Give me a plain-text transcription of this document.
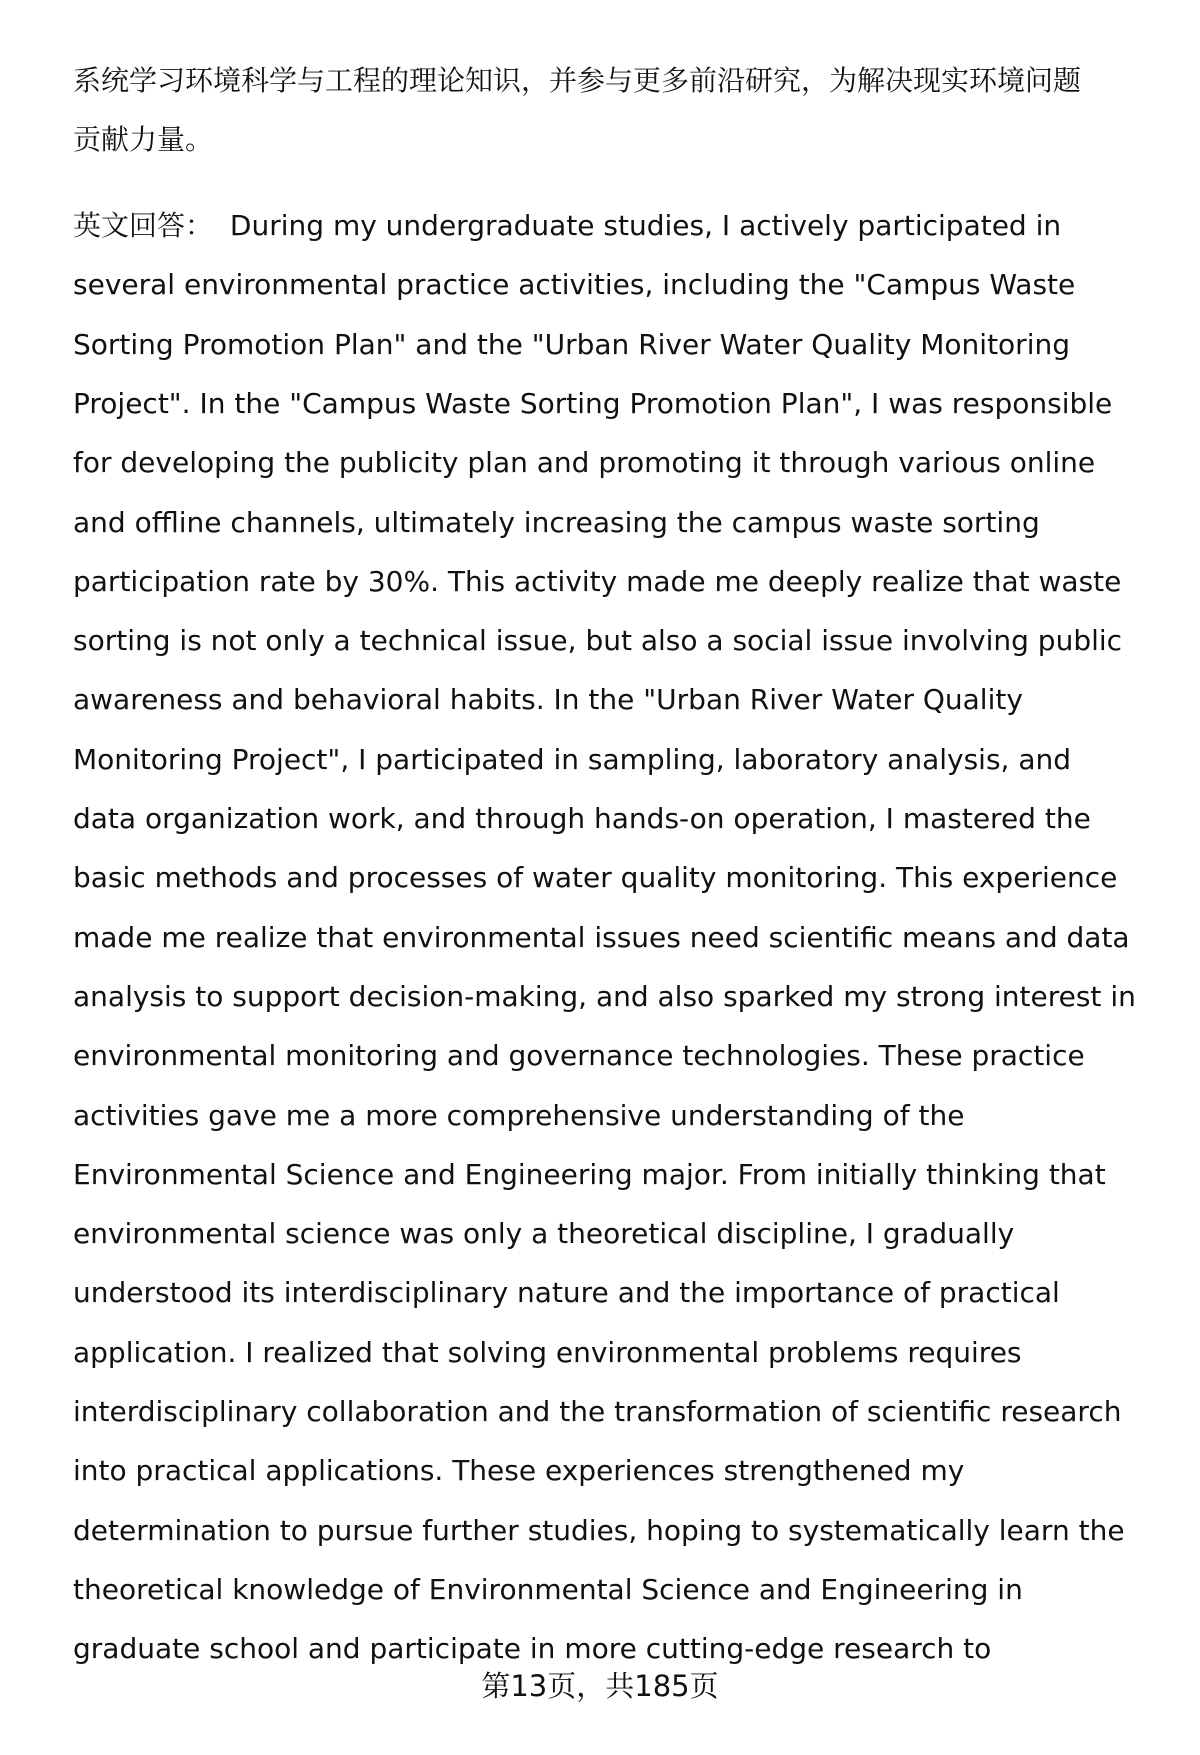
系统学习环境科学与工程的理论知识，并参与更多前沿研究，为解决现实环境问题
贡献力量。
英文回答： During my undergraduate studies, I actively participated in
several environmental practice activities, including the "Campus Waste
Sorting Promotion Plan" and the "Urban River Water Quality Monitoring
Project". In the "Campus Waste Sorting Promotion Plan", I was responsible
for developing the publicity plan and promoting it through various online
and offline channels, ultimately increasing the campus waste sorting
participation rate by 30%. This activity made me deeply realize that waste
sorting is not only a technical issue, but also a social issue involving public
awareness and behavioral habits. In the "Urban River Water Quality
Monitoring Project", I participated in sampling, laboratory analysis, and
data organization work, and through hands-on operation, I mastered the
basic methods and processes of water quality monitoring. This experience
made me realize that environmental issues need scientific means and data
analysis to support decision-making, and also sparked my strong interest in
environmental monitoring and governance technologies. These practice
activities gave me a more comprehensive understanding of the
Environmental Science and Engineering major. From initially thinking that
environmental science was only a theoretical discipline, I gradually
understood its interdisciplinary nature and the importance of practical
application. I realized that solving environmental problems requires
interdisciplinary collaboration and the transformation of scientific research
into practical applications. These experiences strengthened my
determination to pursue further studies, hoping to systematically learn the
theoretical knowledge of Environmental Science and Engineering in
graduate school and participate in more cutting-edge research to
第13页，共185页
